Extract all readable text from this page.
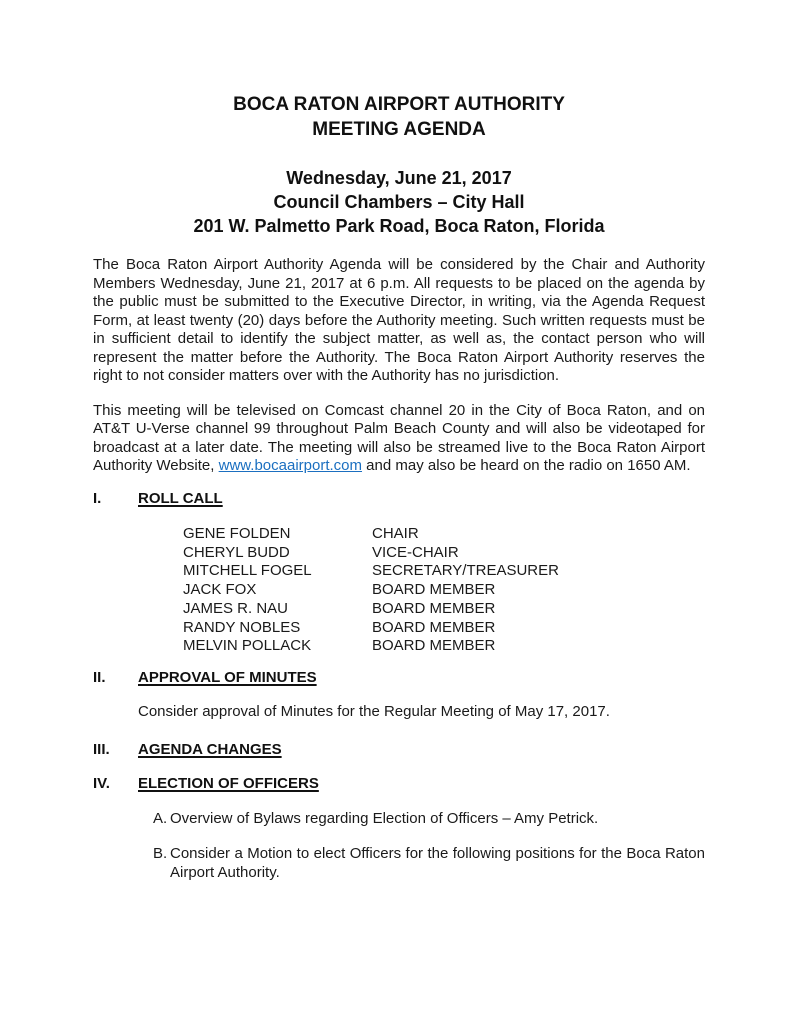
BOCA RATON AIRPORT AUTHORITY
MEETING AGENDA
Wednesday, June 21, 2017
Council Chambers – City Hall
201 W. Palmetto Park Road, Boca Raton, Florida
The Boca Raton Airport Authority Agenda will be considered by the Chair and Authority Members Wednesday, June 21, 2017 at 6 p.m. All requests to be placed on the agenda by the public must be submitted to the Executive Director, in writing, via the Agenda Request Form, at least twenty (20) days before the Authority meeting. Such written requests must be in sufficient detail to identify the subject matter, as well as, the contact person who will represent the matter before the Authority. The Boca Raton Airport Authority reserves the right to not consider matters over with the Authority has no jurisdiction.
This meeting will be televised on Comcast channel 20 in the City of Boca Raton, and on AT&T U-Verse channel 99 throughout Palm Beach County and will also be videotaped for broadcast at a later date. The meeting will also be streamed live to the Boca Raton Airport Authority Website, www.bocaairport.com and may also be heard on the radio on 1650 AM.
I.	ROLL CALL
GENE FOLDEN	CHAIR
CHERYL BUDD	VICE-CHAIR
MITCHELL FOGEL	SECRETARY/TREASURER
JACK FOX	BOARD MEMBER
JAMES R. NAU	BOARD MEMBER
RANDY NOBLES	BOARD MEMBER
MELVIN POLLACK	BOARD MEMBER
II.	APPROVAL OF MINUTES
Consider approval of Minutes for the Regular Meeting of May 17, 2017.
III.	AGENDA CHANGES
IV.	ELECTION OF OFFICERS
A. Overview of Bylaws regarding Election of Officers – Amy Petrick.
B. Consider a Motion to elect Officers for the following positions for the Boca Raton Airport Authority.
